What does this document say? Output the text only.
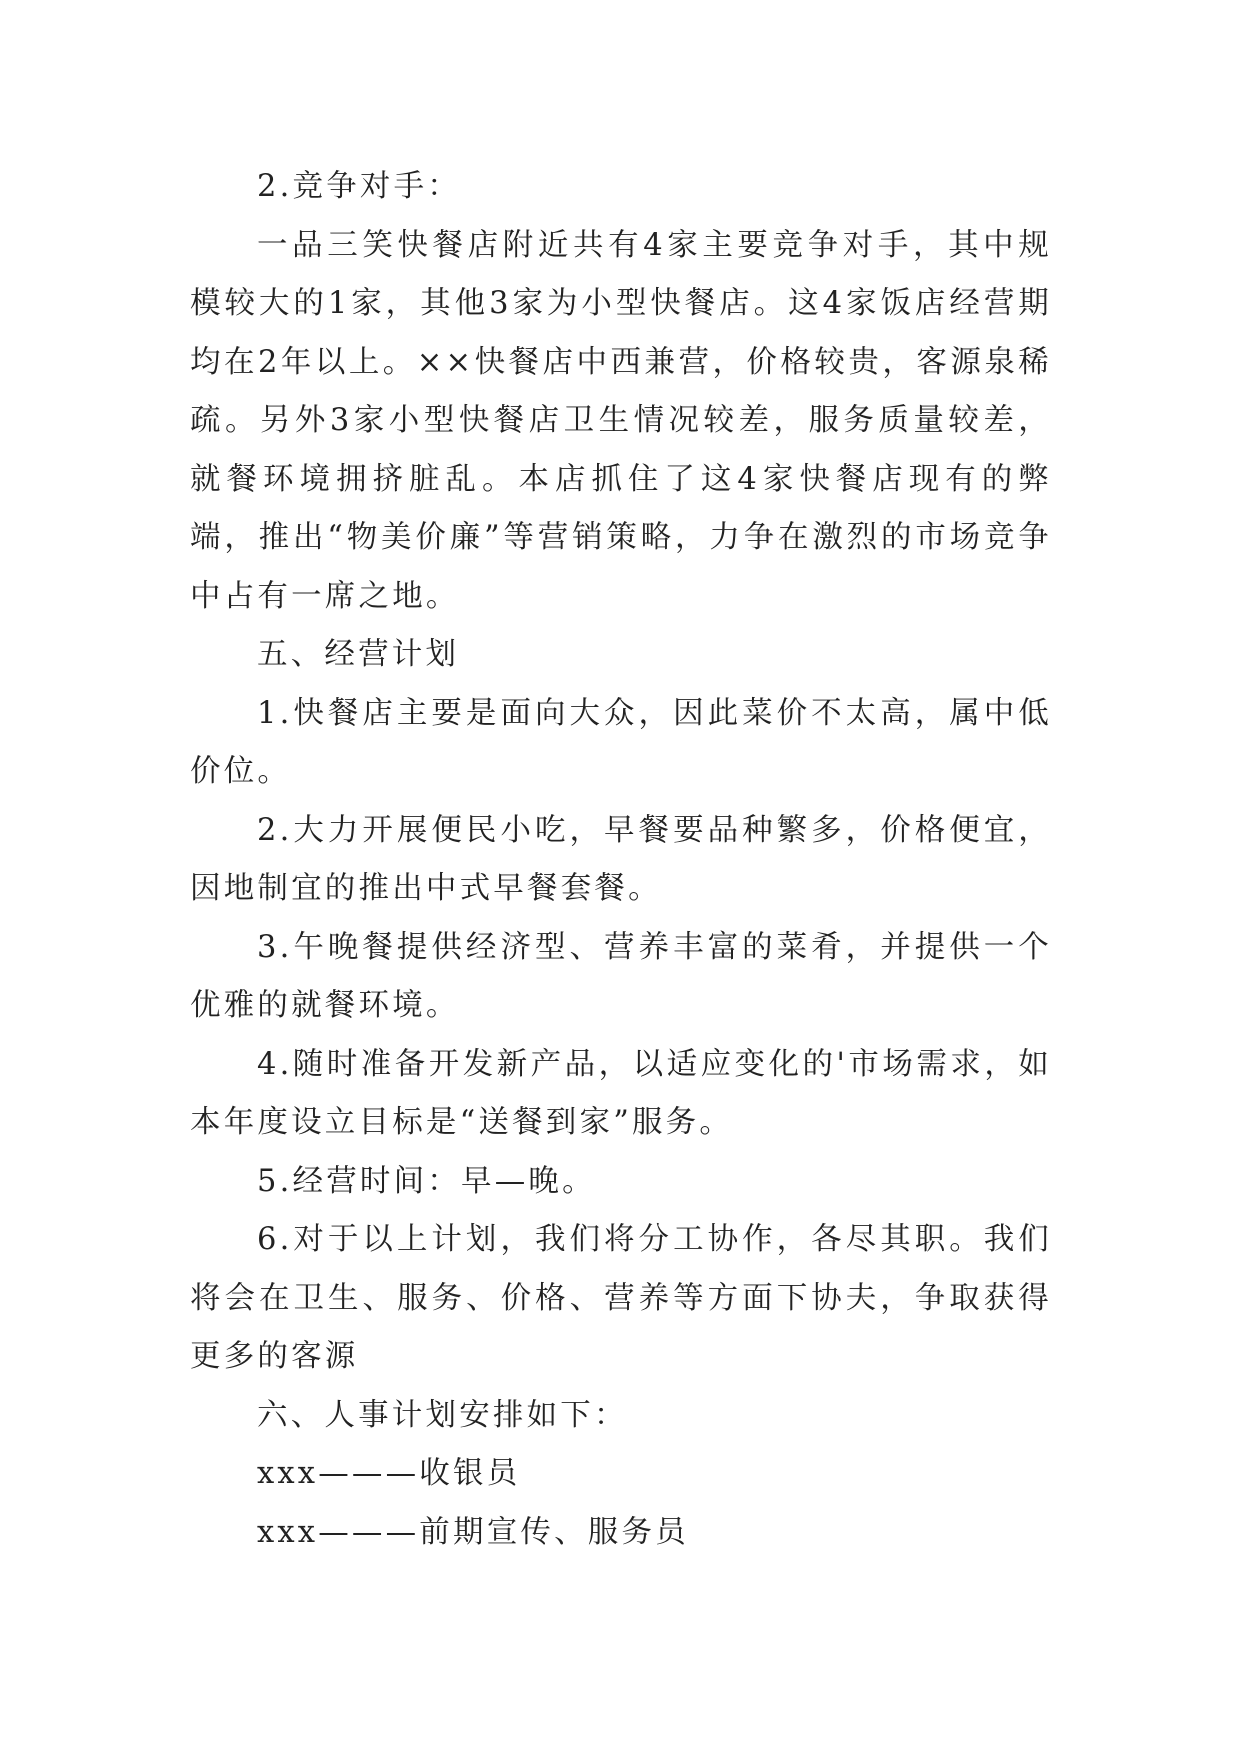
2.竞争对手：

一品三笑快餐店附近共有4家主要竞争对手，其中规模较大的1家，其他3家为小型快餐店。这4家饭店经营期均在2年以上。××快餐店中西兼营，价格较贵，客源泉稀疏。另外3家小型快餐店卫生情况较差，服务质量较差，就餐环境拥挤脏乱。本店抓住了这4家快餐店现有的弊端，推出“物美价廉”等营销策略，力争在激烈的市场竞争中占有一席之地。

五、经营计划

1.快餐店主要是面向大众，因此菜价不太高，属中低价位。

2.大力开展便民小吃，早餐要品种繁多，价格便宜，因地制宜的推出中式早餐套餐。

3.午晚餐提供经济型、营养丰富的菜肴，并提供一个优雅的就餐环境。

4.随时准备开发新产品，以适应变化的'市场需求，如本年度设立目标是“送餐到家”服务。

5.经营时间：早—晚。

6.对于以上计划，我们将分工协作，各尽其职。我们将会在卫生、服务、价格、营养等方面下协夫，争取获得更多的客源

六、人事计划安排如下：

xxx———收银员

xxx———前期宣传、服务员
